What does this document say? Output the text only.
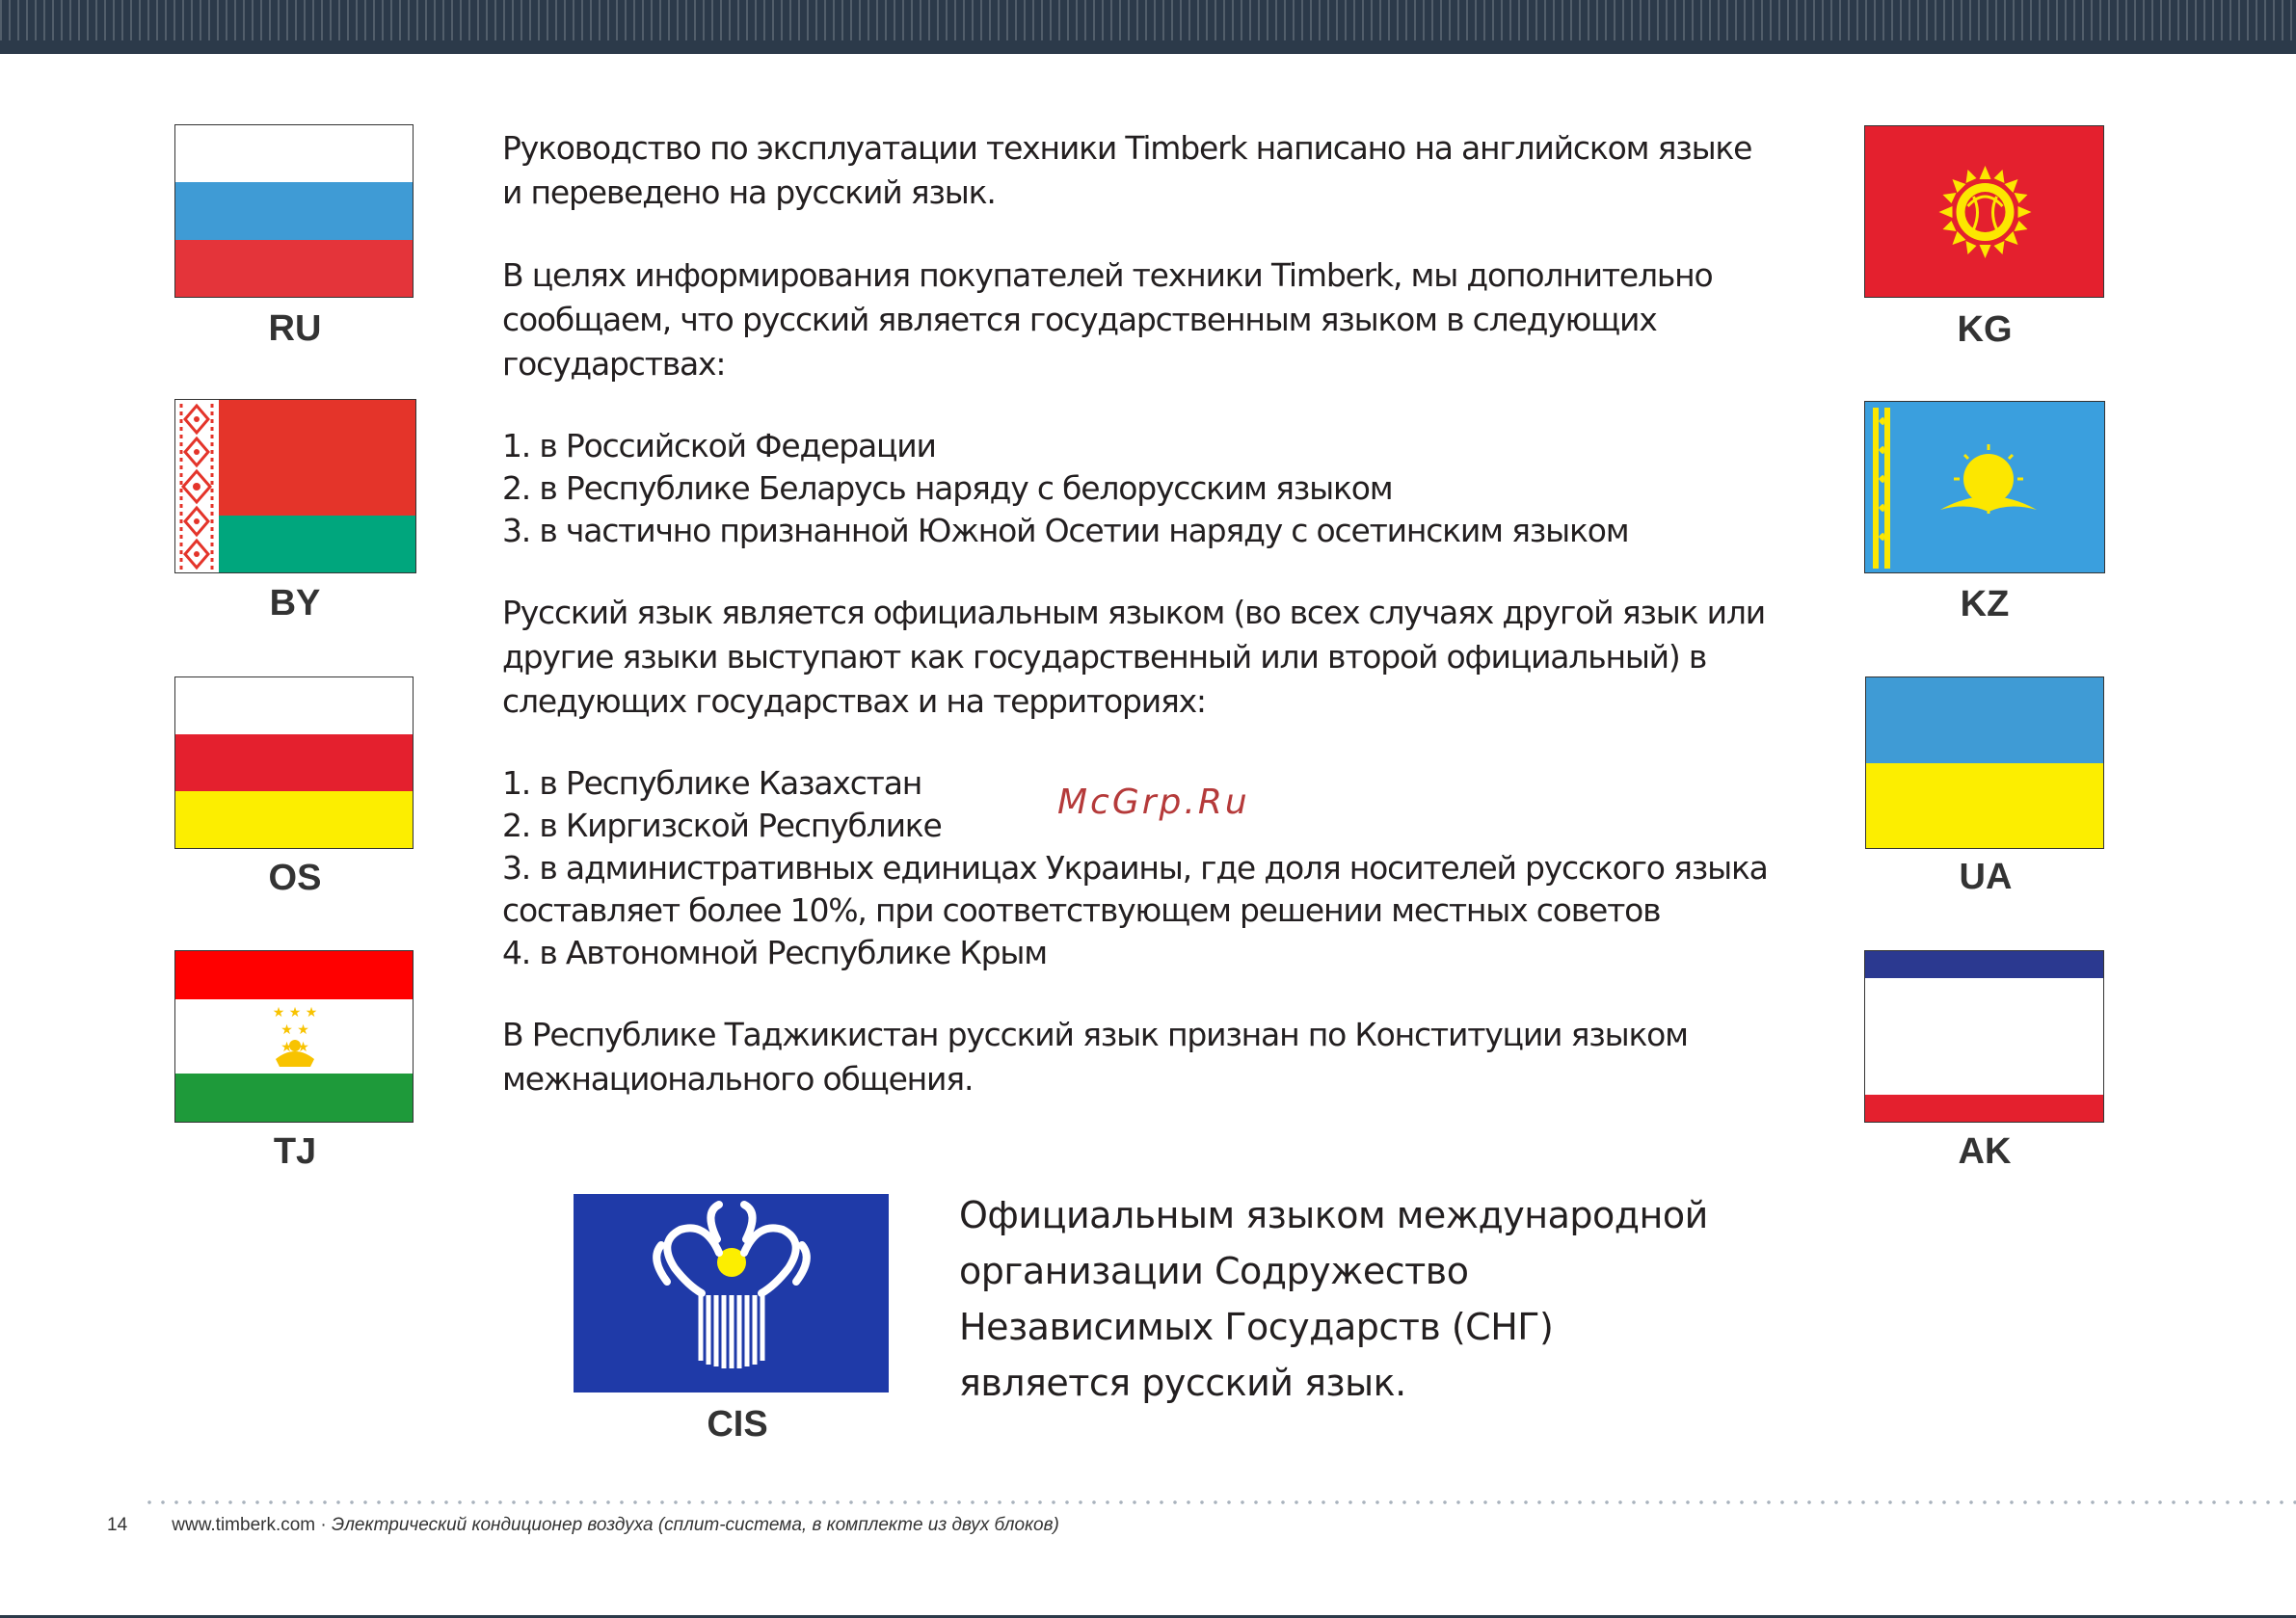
RU
BY
OS
★ ★ ★
★ ★
★ ★
TJ
KG
KZ
UA
AK

Руководство по эксплуатации техники Timberk написано на английском языке

и переведено на русский язык.

В целях информирования покупателей техники Timberk, мы дополнительно

сообщаем, что русский является государственным языком в следующих

государствах:

1. в Российской Федерации

2. в Республике Беларусь наряду с белорусским языком

3. в частично признанной Южной Осетии наряду с осетинским языком

Русский язык является официальным языком (во всех случаях другой язык или

другие языки выступают как государственный или второй официальный) в

следующих государствах и на территориях:

1. в Республике Казахстан

2. в Киргизской Республике

3. в административных единицах Украины, где доля носителей русского языка

составляет более 10%, при соответствующем решении местных советов

4. в Автономной Республике Крым

В Республике Таджикистан русский язык признан по Конституции языком

межнационального общения.

McGrp.Ru
CIS

Официальным языком международной

организации Содружество

Независимых Государств (СНГ)

является русский язык.

14 www.timberk.com · Электрический кондиционер воздуха (сплит-система, в комплекте из двух блоков)
